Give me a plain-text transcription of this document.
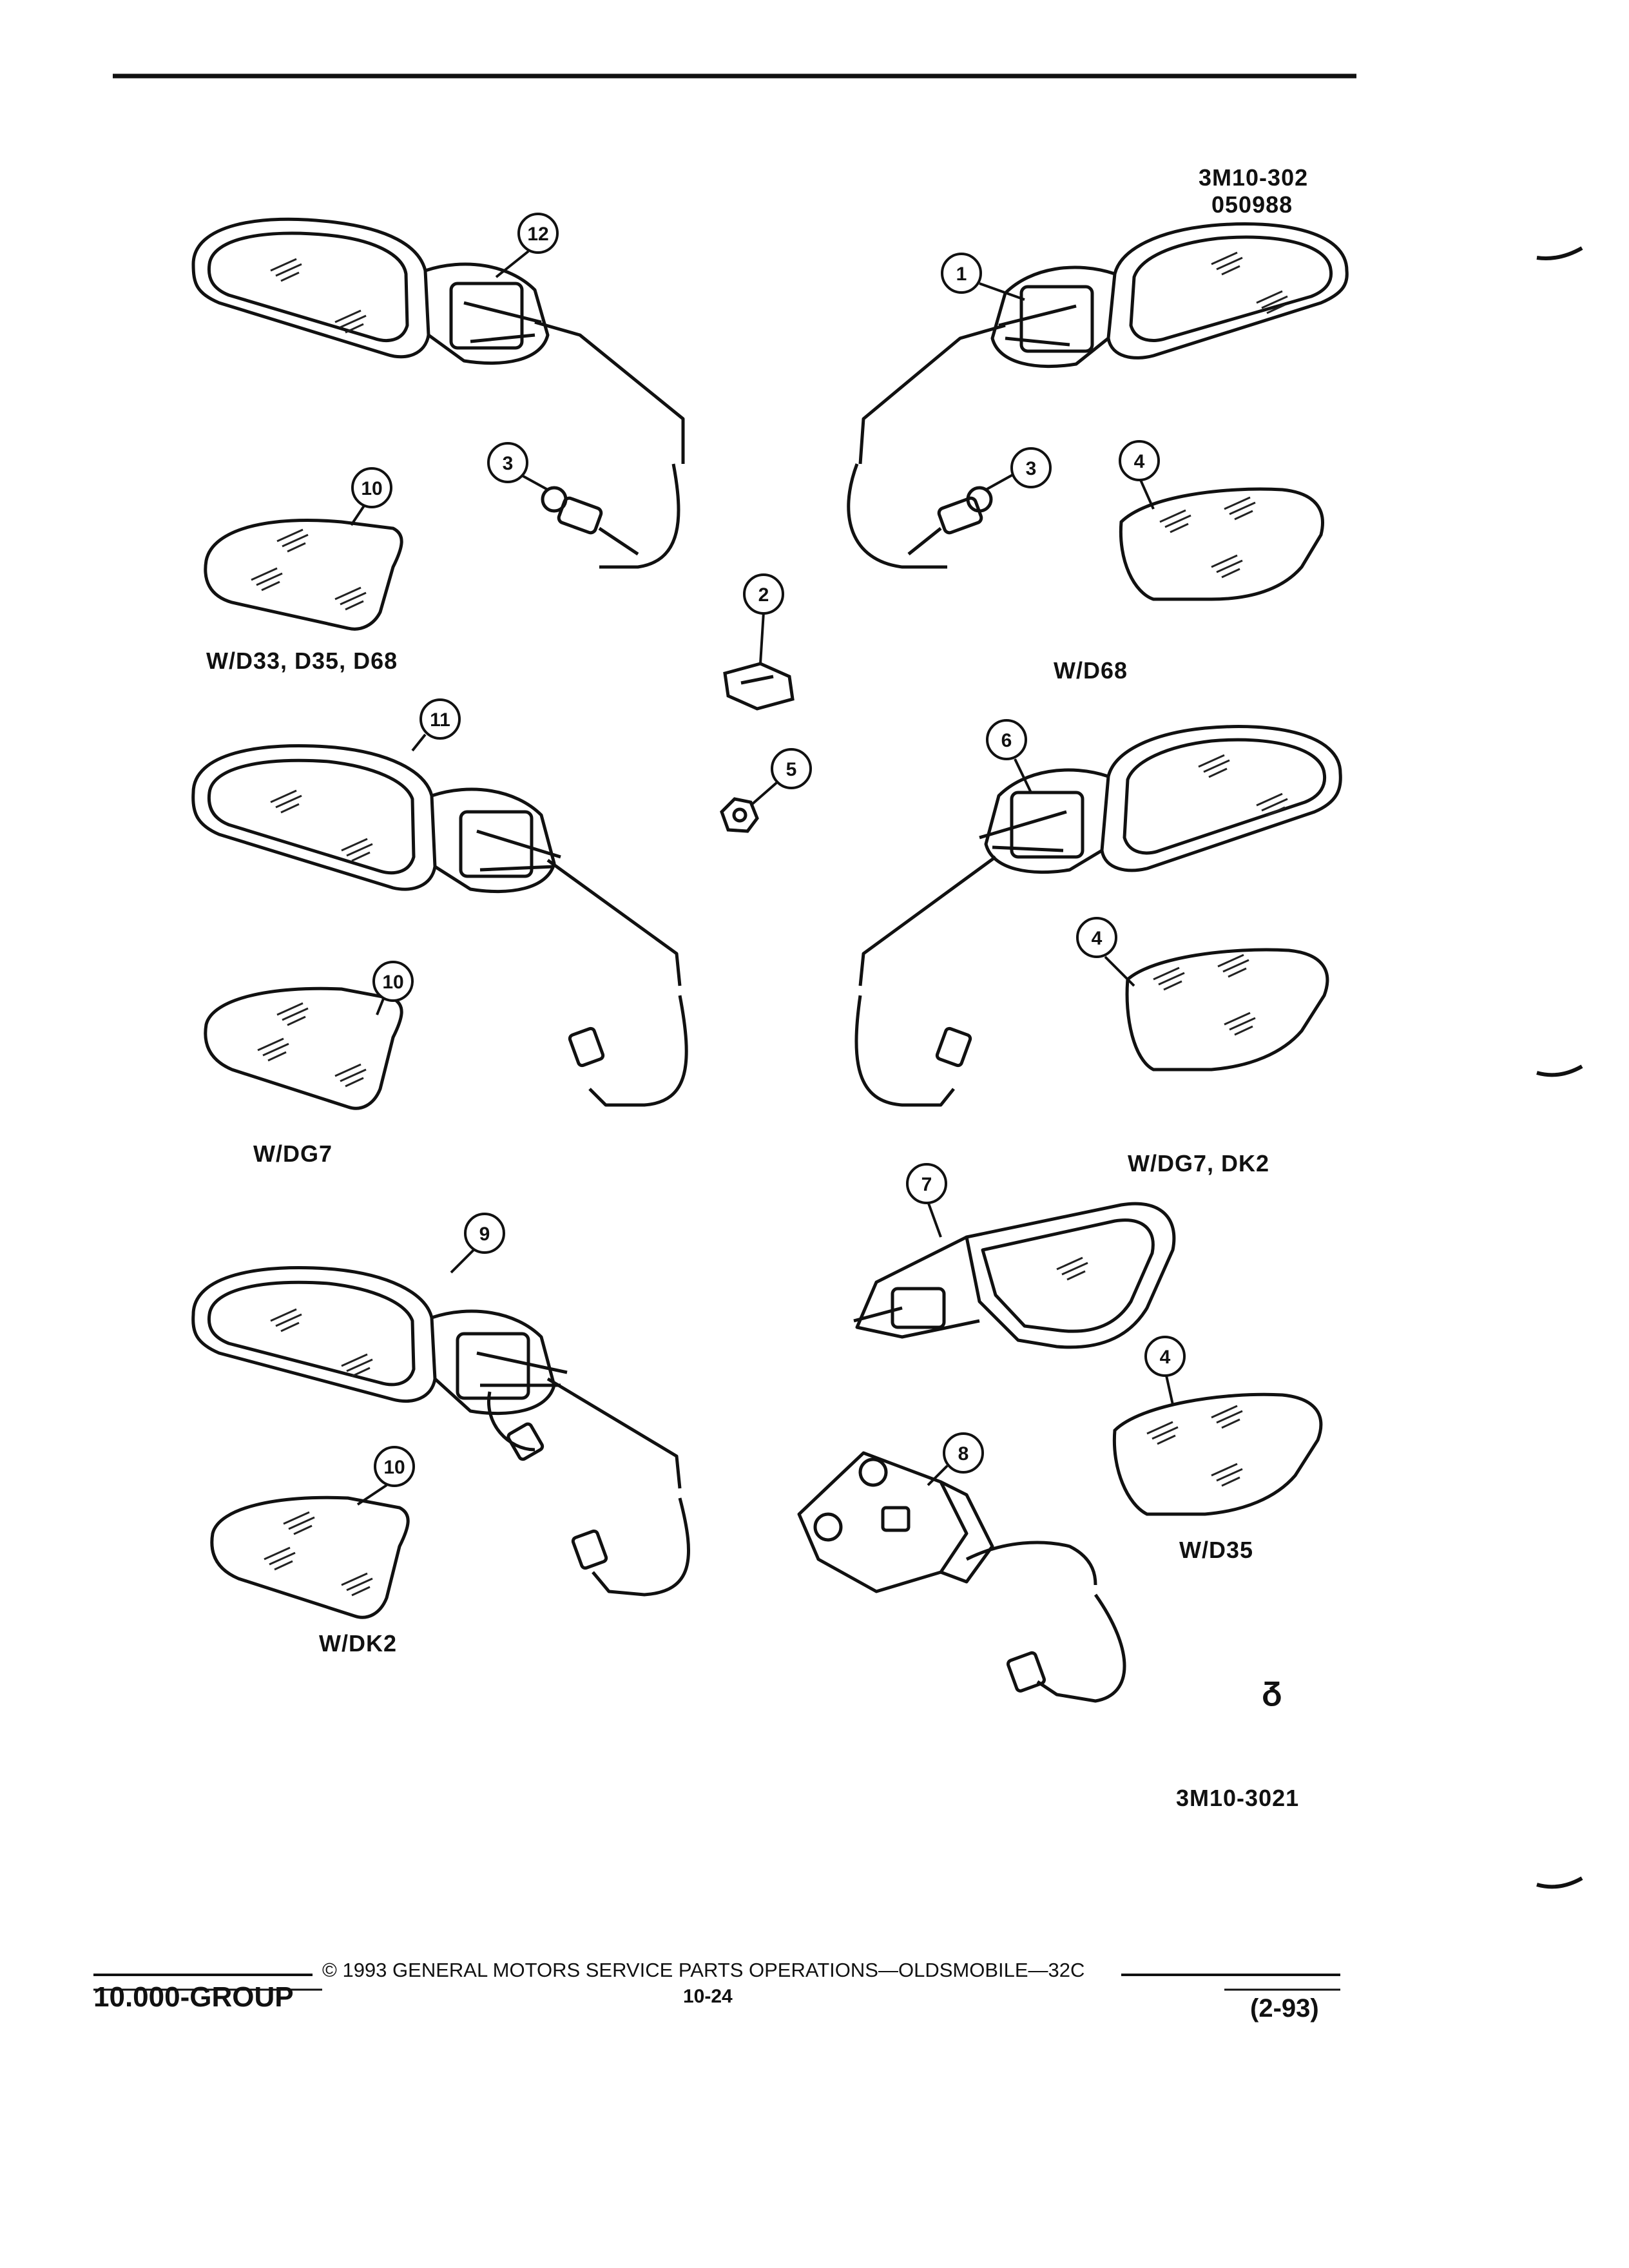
12
1
3	3
10
4
2
11
6
5
10
4
7
9
4
8
10
3M10-302
050988
W/D33, D35, D68	W/D68
W/DG7	W/DG7, DK2
W/DK2
W/D35
ᵹ
3M10-3021
10.000-GROUP
© 1993 GENERAL MOTORS SERVICE PARTS OPERATIONS—OLDSMOBILE—32C
10-24	(2-93)
